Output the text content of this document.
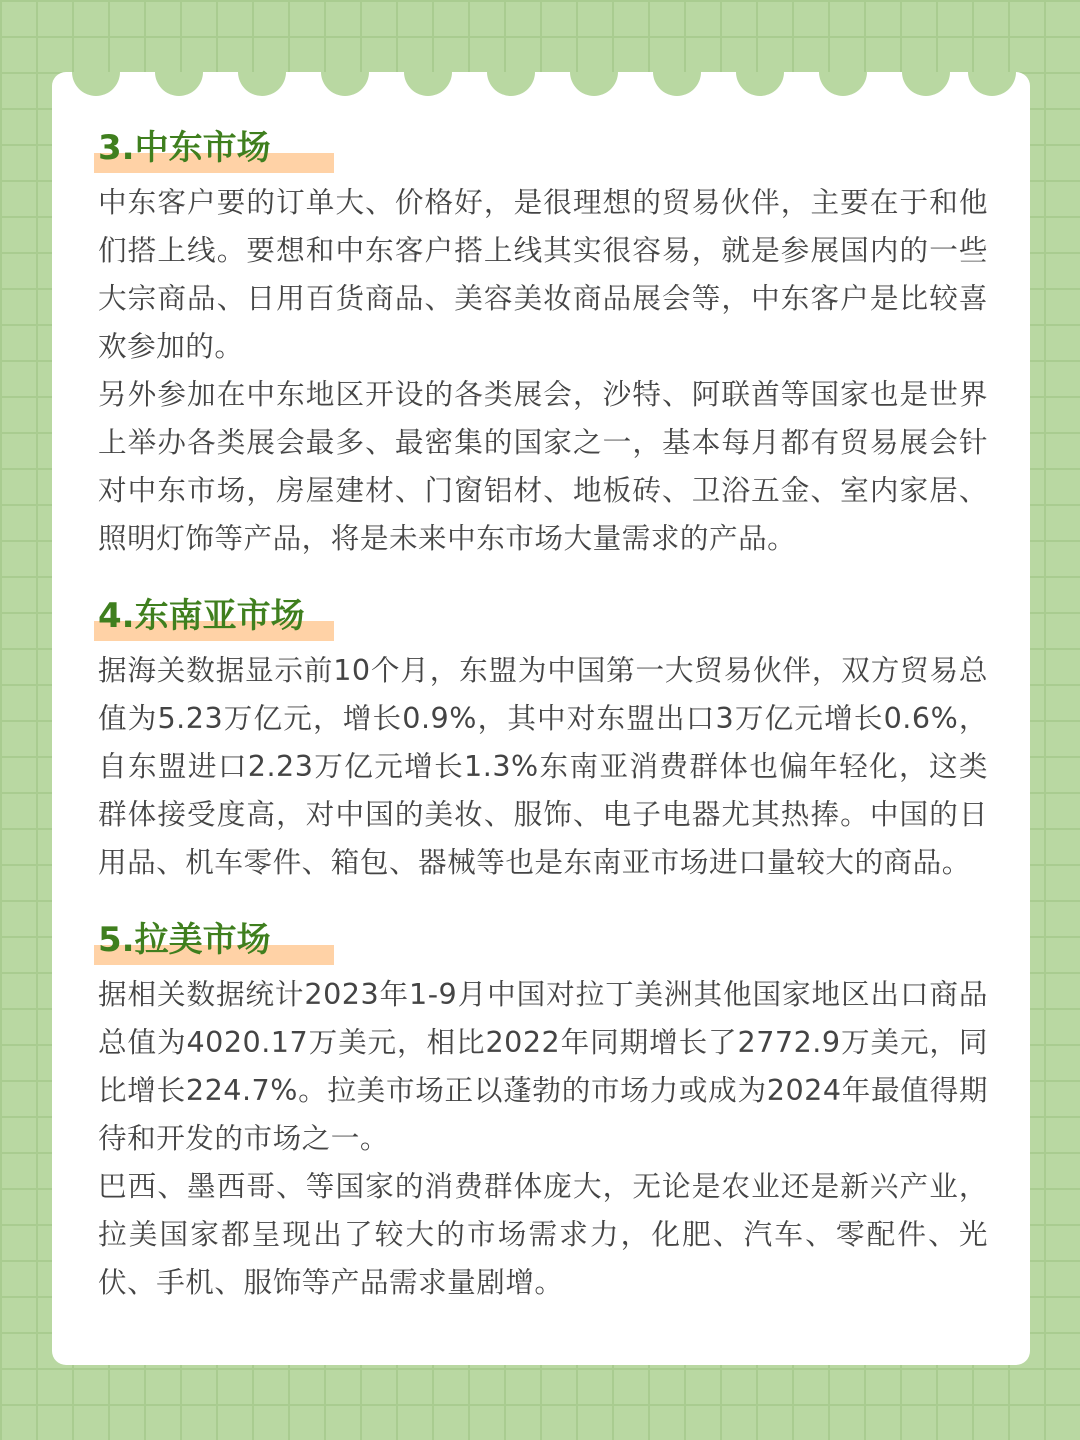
3.中东市场

中东客户要的订单大、价格好，是很理想的贸易伙伴，主要在于和他们搭上线。要想和中东客户搭上线其实很容易，就是参展国内的一些大宗商品、日用百货商品、美容美妆商品展会等，中东客户是比较喜欢参加的。

另外参加在中东地区开设的各类展会，沙特、阿联酋等国家也是世界上举办各类展会最多、最密集的国家之一，基本每月都有贸易展会针对中东市场，房屋建材、门窗铝材、地板砖、卫浴五金、室内家居、照明灯饰等产品，将是未来中东市场大量需求的产品。

4.东南亚市场

据海关数据显示前10个月，东盟为中国第一大贸易伙伴，双方贸易总值为5.23万亿元，增长0.9%，其中对东盟出口3万亿元增长0.6%，自东盟进口2.23万亿元增长1.3%东南亚消费群体也偏年轻化，这类群体接受度高，对中国的美妆、服饰、电子电器尤其热捧。中国的日用品、机车零件、箱包、器械等也是东南亚市场进口量较大的商品。

5.拉美市场

据相关数据统计2023年1-9月中国对拉丁美洲其他国家地区出口商品总值为4020.17万美元，相比2022年同期增长了2772.9万美元，同比增长224.7%。拉美市场正以蓬勃的市场力或成为2024年最值得期待和开发的市场之一。

巴西、墨西哥、等国家的消费群体庞大，无论是农业还是新兴产业，拉美国家都呈现出了较大的市场需求力，化肥、汽车、零配件、光伏、手机、服饰等产品需求量剧增。
